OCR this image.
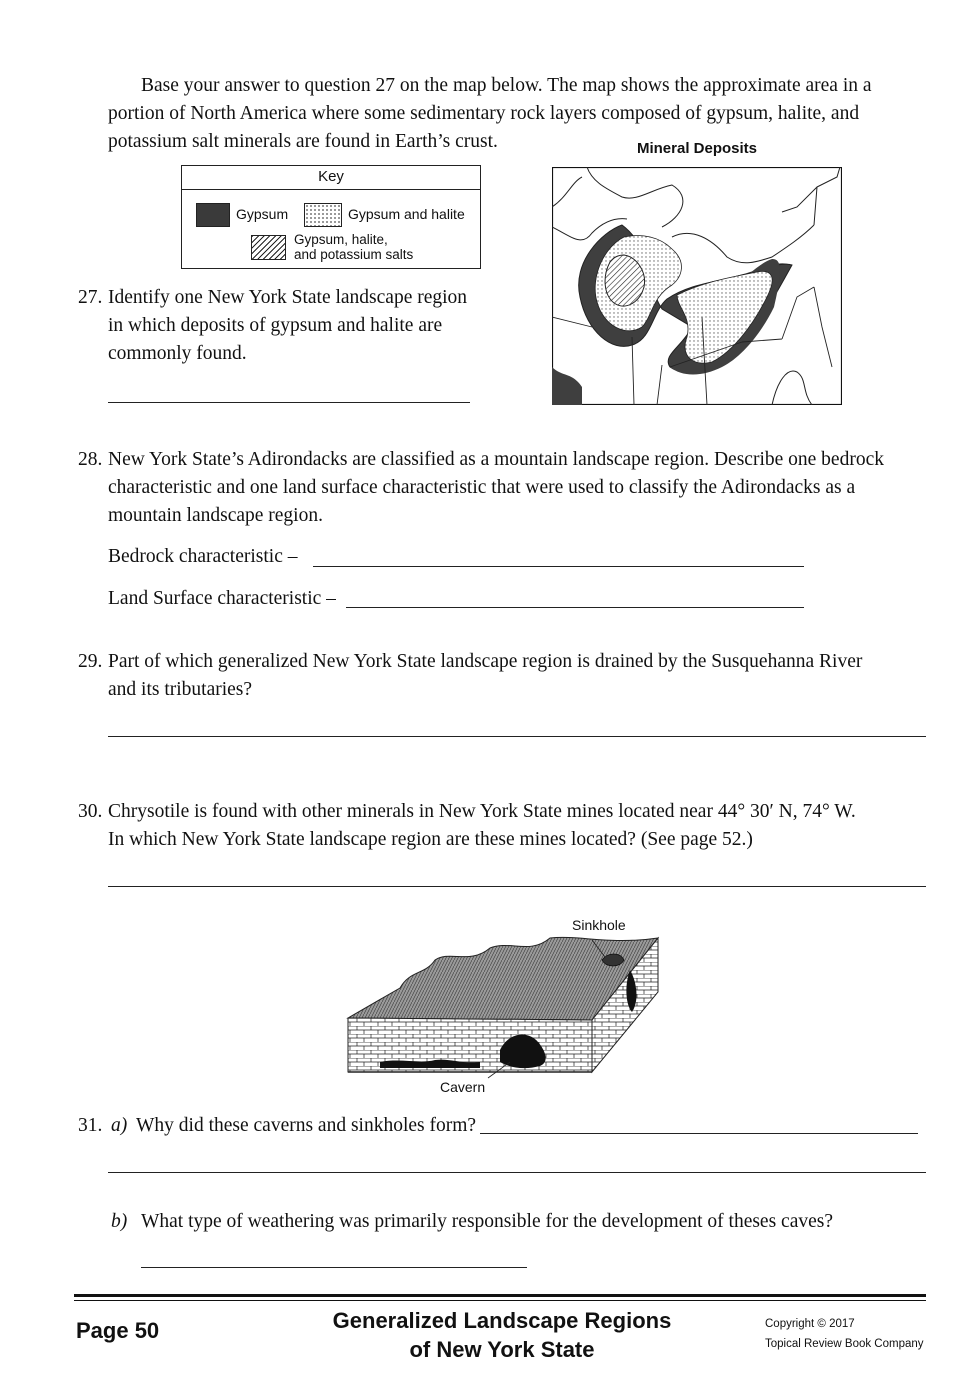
Base your answer to question 27 on the map below. The map shows the approximate area in a
portion of North America where some sedimentary rock layers composed of gypsum, halite, and
potassium salt minerals are found in Earth’s crust.
Key
Gypsum	Gypsum and halite
Gypsum, halite,
and potassium salts
Mineral Deposits
27. Identify one New York State landscape region
in which deposits of gypsum and halite are
commonly found.
28. New York State’s Adirondacks are classified as a mountain landscape region. Describe one bedrock
characteristic and one land surface characteristic that were used to classify the Adirondacks as a
mountain landscape region.
Bedrock characteristic –
Land Surface characteristic –
29. Part of which generalized New York State landscape region is drained by the Susquehanna River
and its tributaries?
30. Chrysotile is found with other minerals in New York State mines located near 44° 30′ N, 74° W.
In which New York State landscape region are these mines located? (See page 52.)
Sinkhole
Cavern
31. a) Why did these caverns and sinkholes form?
b) What type of weathering was primarily responsible for the development of theses caves?
Page 50	Generalized Landscape Regions
of New York State
Copyright © 2017
Topical Review Book Company
